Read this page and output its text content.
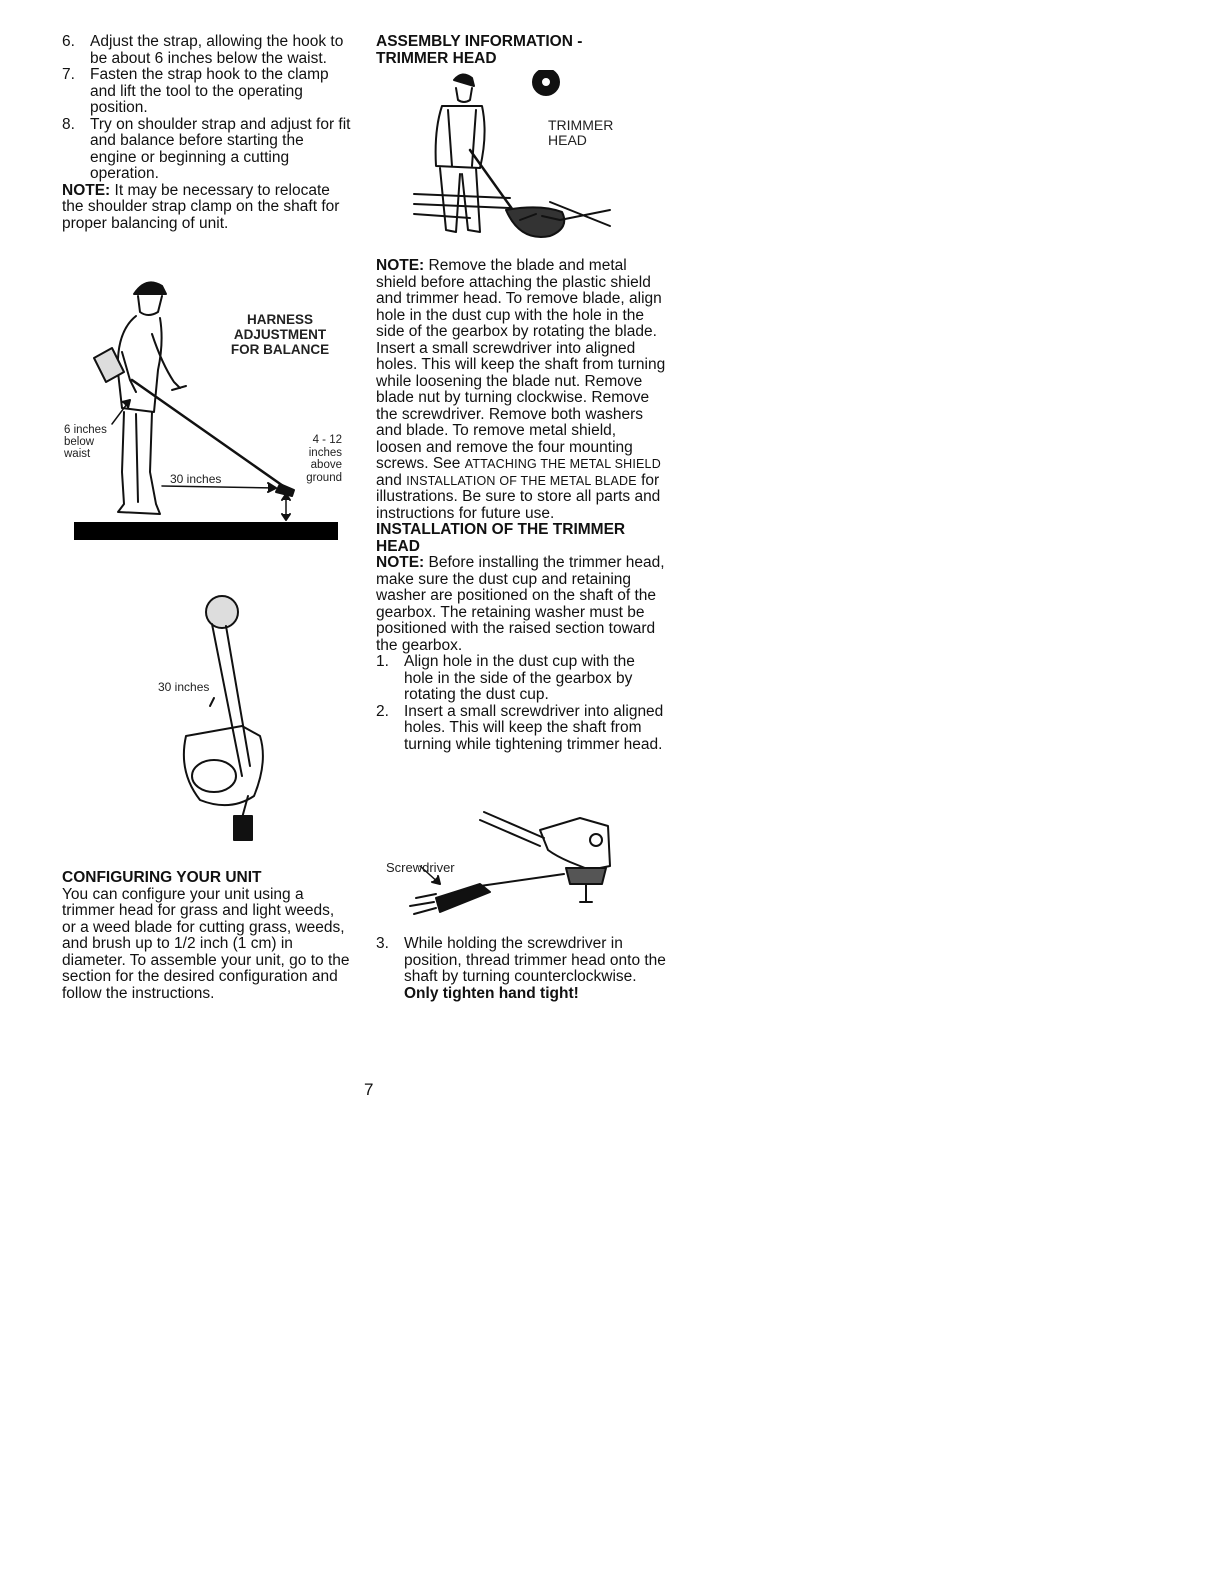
6. Adjust the strap, allowing the hook to be about 6 inches below the waist.
7. Fasten the strap hook to the clamp and lift the tool to the operating position.
8. Try on shoulder strap and adjust for fit and balance before starting the engine or beginning a cutting operation.

NOTE: It may be necessary to relocate the shoulder strap clamp on the shaft for proper balancing of unit.

HARNESS
ADJUSTMENT
FOR BALANCE
6 inches below waist
30 inches
4 - 12 inches above ground
30 inches

CONFIGURING YOUR UNIT

You can configure your unit using a trimmer head for grass and light weeds, or a weed blade for cutting grass, weeds, and brush up to 1/2 inch (1 cm) in diameter. To assemble your unit, go to the section for the desired configuration and follow the instructions.

ASSEMBLY INFORMATION -
TRIMMER HEAD

TRIMMER
HEAD

NOTE: Remove the blade and metal shield before attaching the plastic shield and trimmer head. To remove blade, align hole in the dust cup with the hole in the side of the gearbox by rotating the blade. Insert a small screwdriver into aligned holes. This will keep the shaft from turning while loosening the blade nut. Remove blade nut by turning clockwise. Remove the screwdriver. Remove both washers and blade. To remove metal shield, loosen and remove the four mounting screws. See ATTACHING THE METAL SHIELD and INSTALLATION OF THE METAL BLADE for illustrations. Be sure to store all parts and instructions for future use.

INSTALLATION OF THE TRIMMER HEAD

NOTE: Before installing the trimmer head, make sure the dust cup and retaining washer are positioned on the shaft of the gearbox. The retaining washer must be positioned with the raised section toward the gearbox.

1. Align hole in the dust cup with the hole in the side of the gearbox by rotating the dust cup.
2. Insert a small screwdriver into aligned holes. This will keep the shaft from turning while tightening trimmer head.
Screwdriver
3. While holding the screwdriver in position, thread trimmer head onto the shaft by turning counterclockwise. Only tighten hand tight!
7
